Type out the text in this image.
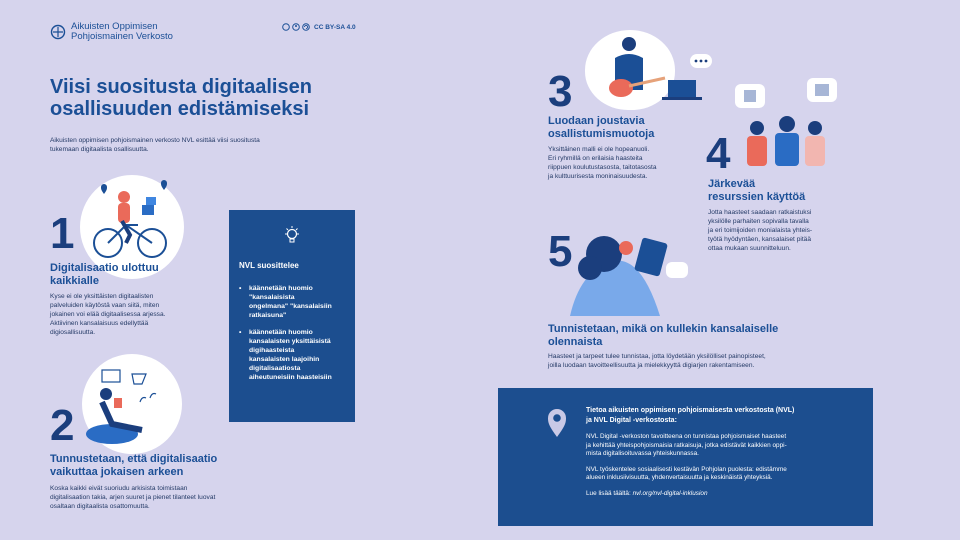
Aikuisten Oppimisen
Pohjoismainen Verkosto
CC BY-SA 4.0
Viisi suositusta digitaalisen
osallisuuden edistämiseksi
Aikuisten oppimisen pohjoismainen verkosto NVL esittää viisi suositusta
tukemaan digitaalista osallisuutta.
1
Digitalisaatio ulottuu
kaikkialle
Kyse ei ole yksittäisten digitaalisten
palveluiden käytöstä vaan siitä, miten
jokainen voi elää digitaalisessa arjessa.
Aktiivinen kansalaisuus edellyttää
digiosallisuutta.
NVL suosittelee
• käännetään huomio
"kansalaisista
ongelmana" "kansalaisiin
ratkaisuna"
• käännetään huomio
kansalaisten yksittäisistä
digihaasteista
kansalaisten laajoihin
digitalisaatiosta
aiheutuneisiin haasteisiin
2
Tunnustetaan, että digitalisaatio
vaikuttaa jokaisen arkeen
Koska kaikki eivät suoriudu arkisista toimistaan
digitalisaation takia, arjen suuret ja pienet tilanteet luovat
osaltaan digitaalista osattomuutta.
3
Luodaan joustavia
osallistumismuotoja
Yksittäinen malli ei ole hopeanuoli.
Eri ryhmillä on erilaisia haasteita
riippuen koulutustasosta, taitotasosta
ja kulttuurisesta moninaisuudesta.	4
Järkevää
resurssien käyttöä
Jotta haasteet saadaan ratkaistuksi
yksilölle parhaiten sopivalla tavalla
ja eri toimijoiden monialaista yhteis-
työtä hyödyntäen, kansalaiset pitää
ottaa mukaan suunnitteluun.
5
Tunnistetaan, mikä on kullekin kansalaiselle
olennaista
Haasteet ja tarpeet tulee tunnistaa, jotta löydetään yksilölliset painopisteet,
joilla luodaan tavoitteellisuutta ja mielekkyyttä digiarjen rakentamiseen.
Tietoa aikuisten oppimisen pohjoismaisesta verkostosta (NVL)
ja NVL Digital -verkostosta:
NVL Digital -verkoston tavoitteena on tunnistaa pohjoismaiset haasteet
ja kehittää yhteispohjoismaisia ratkaisuja, jotka edistävät kaikkien oppi-
mista digitalisoituvassa yhteiskunnassa.
NVL työskentelee sosiaalisesti kestävän Pohjolan puolesta: edistämme
alueen inklusiivisuutta, yhdenvertaisuutta ja keskinäistä yhteyksiä.
Lue lisää täältä: nvl.org/nvl-digital-inklusion
